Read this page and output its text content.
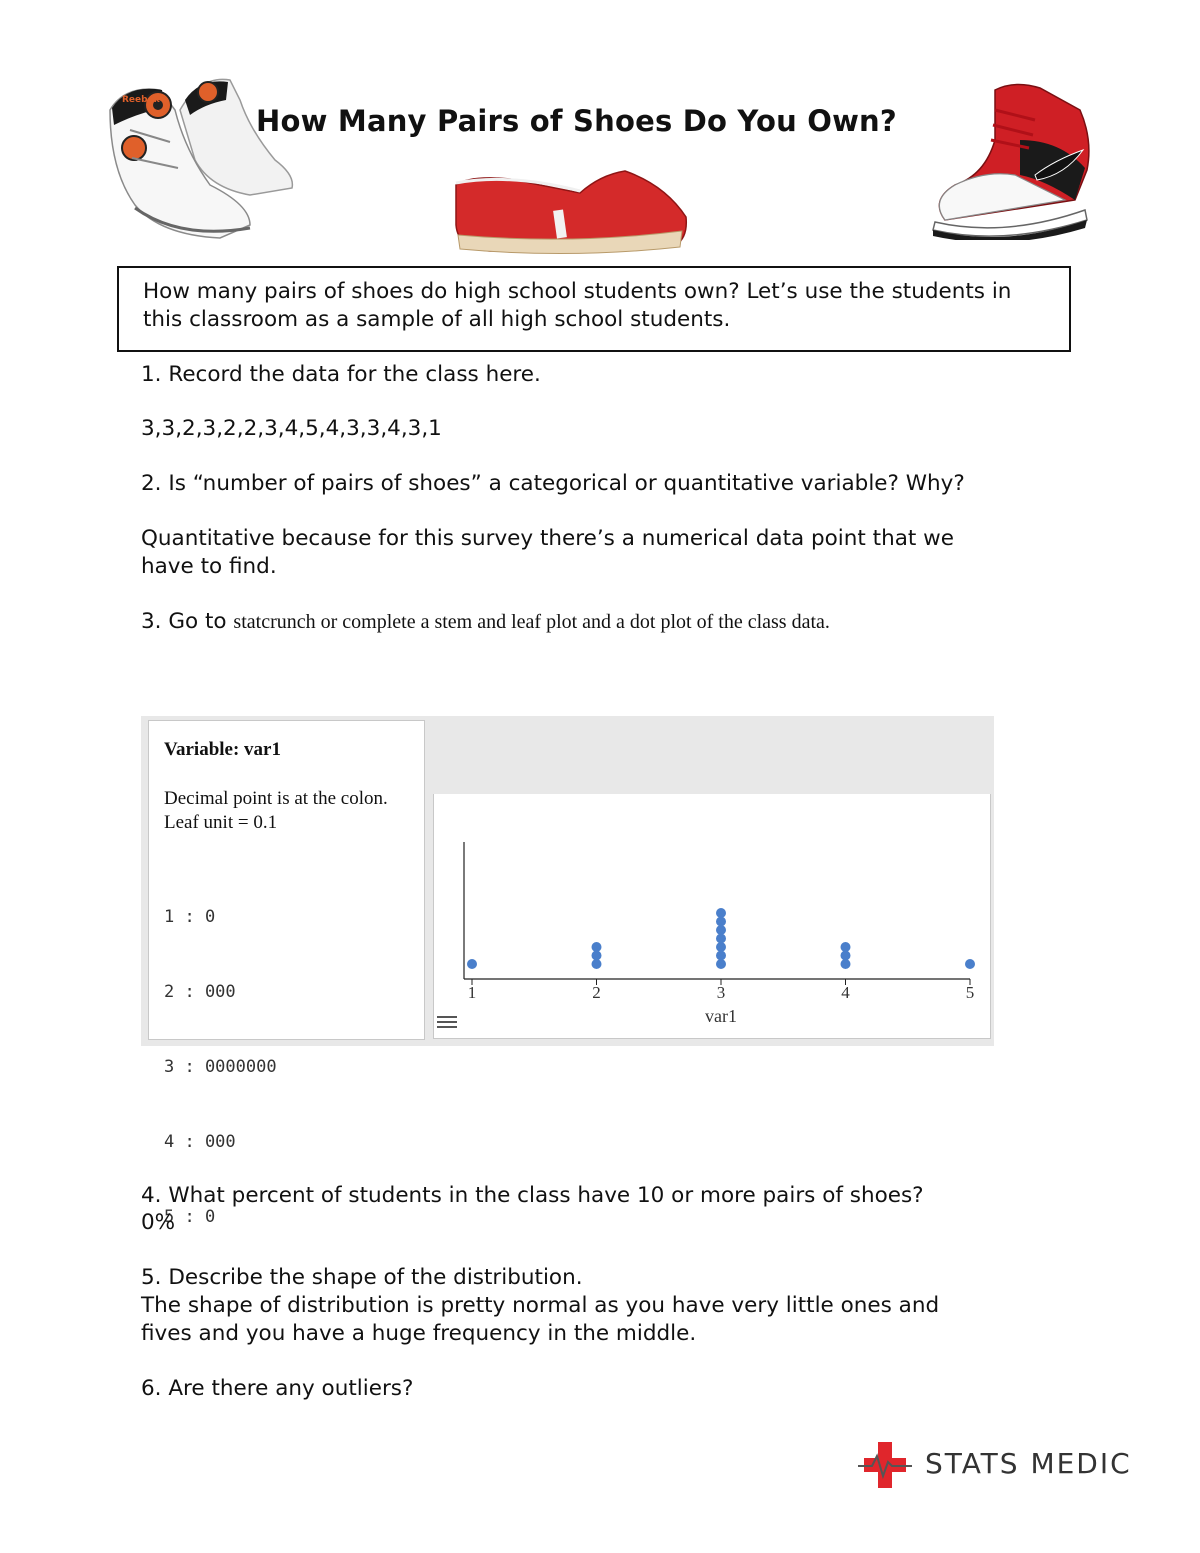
Reebok
How Many Pairs of Shoes Do You Own?
How many pairs of shoes do high school students own? Let’s use the students in this classroom as a sample of all high school students.
1. Record the data for the class here.
3,3,2,3,2,2,3,4,5,4,3,3,4,3,1
2. Is “number of pairs of shoes” a categorical or quantitative variable? Why?
Quantitative because for this survey there’s a numerical data point that we
have to find.
3. Go to statcrunch or complete a stem and leaf plot and a dot plot of the class data.
Variable: var1
Decimal point is at the colon.
Leaf unit = 0.1

1 : 0

2 : 000

3 : 0000000

4 : 000

5 : 0

1	2	3	4	5
var1
4. What percent of students in the class have 10 or more pairs of shoes?
0%
5. Describe the shape of the distribution.
The shape of distribution is pretty normal as you have very little ones and
fives and you have a huge frequency in the middle.
6. Are there any outliers?
STATS MEDIC
